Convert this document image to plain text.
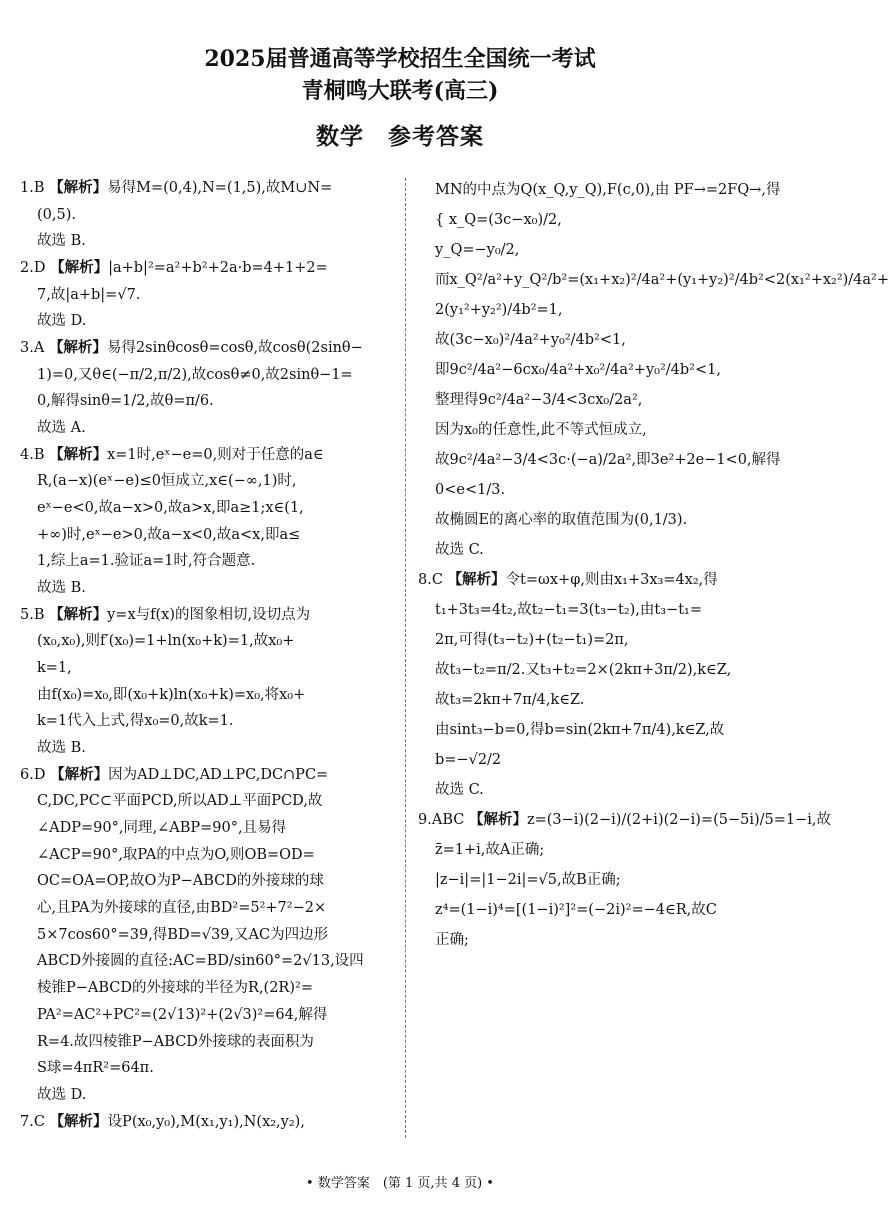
2025届普通高等学校招生全国统一考试
青桐鸣大联考(高三)
数学　参考答案
1.B 【解析】易得M=(0,4),N=(1,5),故M∪N=
(0,5).
故选 B.
2.D 【解析】|a+b|²=a²+b²+2a·b=4+1+2=
7,故|a+b|=√7.
故选 D.
3.A 【解析】易得2sinθcosθ=cosθ,故cosθ(2sinθ−
1)=0,又θ∈(−π/2,π/2),故cosθ≠0,故2sinθ−1=
0,解得sinθ=1/2,故θ=π/6.
故选 A.
4.B 【解析】x=1时,eˣ−e=0,则对于任意的a∈
R,(a−x)(eˣ−e)≤0恒成立,x∈(−∞,1)时,
eˣ−e<0,故a−x>0,故a>x,即a≥1;x∈(1,
+∞)时,eˣ−e>0,故a−x<0,故a<x,即a≤
1,综上a=1.验证a=1时,符合题意.
故选 B.
5.B 【解析】y=x与f(x)的图象相切,设切点为
(x₀,x₀),则f′(x₀)=1+ln(x₀+k)=1,故x₀+
k=1,
由f(x₀)=x₀,即(x₀+k)ln(x₀+k)=x₀,将x₀+
k=1代入上式,得x₀=0,故k=1.
故选 B.
6.D 【解析】因为AD⊥DC,AD⊥PC,DC∩PC=
C,DC,PC⊂平面PCD,所以AD⊥平面PCD,故
∠ADP=90°,同理,∠ABP=90°,且易得
∠ACP=90°,取PA的中点为O,则OB=OD=
OC=OA=OP,故O为P−ABCD的外接球的球
心,且PA为外接球的直径,由BD²=5²+7²−2×
5×7cos60°=39,得BD=√39,又AC为四边形
ABCD外接圆的直径:AC=BD/sin60°=2√13,设四
棱锥P−ABCD的外接球的半径为R,(2R)²=
PA²=AC²+PC²=(2√13)²+(2√3)²=64,解得
R=4.故四棱锥P−ABCD外接球的表面积为
S球=4πR²=64π.
故选 D.
7.C 【解析】设P(x₀,y₀),M(x₁,y₁),N(x₂,y₂),
MN的中点为Q(x_Q,y_Q),F(c,0),由 PF→=2FQ→,得
{ x_Q=(3c−x₀)/2,
y_Q=−y₀/2,
而x_Q²/a²+y_Q²/b²=(x₁+x₂)²/4a²+(y₁+y₂)²/4b²<2(x₁²+x₂²)/4a²+
2(y₁²+y₂²)/4b²=1,
故(3c−x₀)²/4a²+y₀²/4b²<1,
即9c²/4a²−6cx₀/4a²+x₀²/4a²+y₀²/4b²<1,
整理得9c²/4a²−3/4<3cx₀/2a²,
因为x₀的任意性,此不等式恒成立,
故9c²/4a²−3/4<3c·(−a)/2a²,即3e²+2e−1<0,解得
0<e<1/3.
故椭圆E的离心率的取值范围为(0,1/3).
故选 C.
8.C 【解析】令t=ωx+φ,则由x₁+3x₃=4x₂,得
t₁+3t₃=4t₂,故t₂−t₁=3(t₃−t₂),由t₃−t₁=
2π,可得(t₃−t₂)+(t₂−t₁)=2π,
故t₃−t₂=π/2.又t₃+t₂=2×(2kπ+3π/2),k∈Z,
故t₃=2kπ+7π/4,k∈Z.
由sint₃−b=0,得b=sin(2kπ+7π/4),k∈Z,故
b=−√2/2
故选 C.
9.ABC 【解析】z=(3−i)(2−i)/(2+i)(2−i)=(5−5i)/5=1−i,故
z̄=1+i,故A正确;
|z−i|=|1−2i|=√5,故B正确;
z⁴=(1−i)⁴=[(1−i)²]²=(−2i)²=−4∈R,故C
正确;
• 数学答案　(第 1 页,共 4 页) •
